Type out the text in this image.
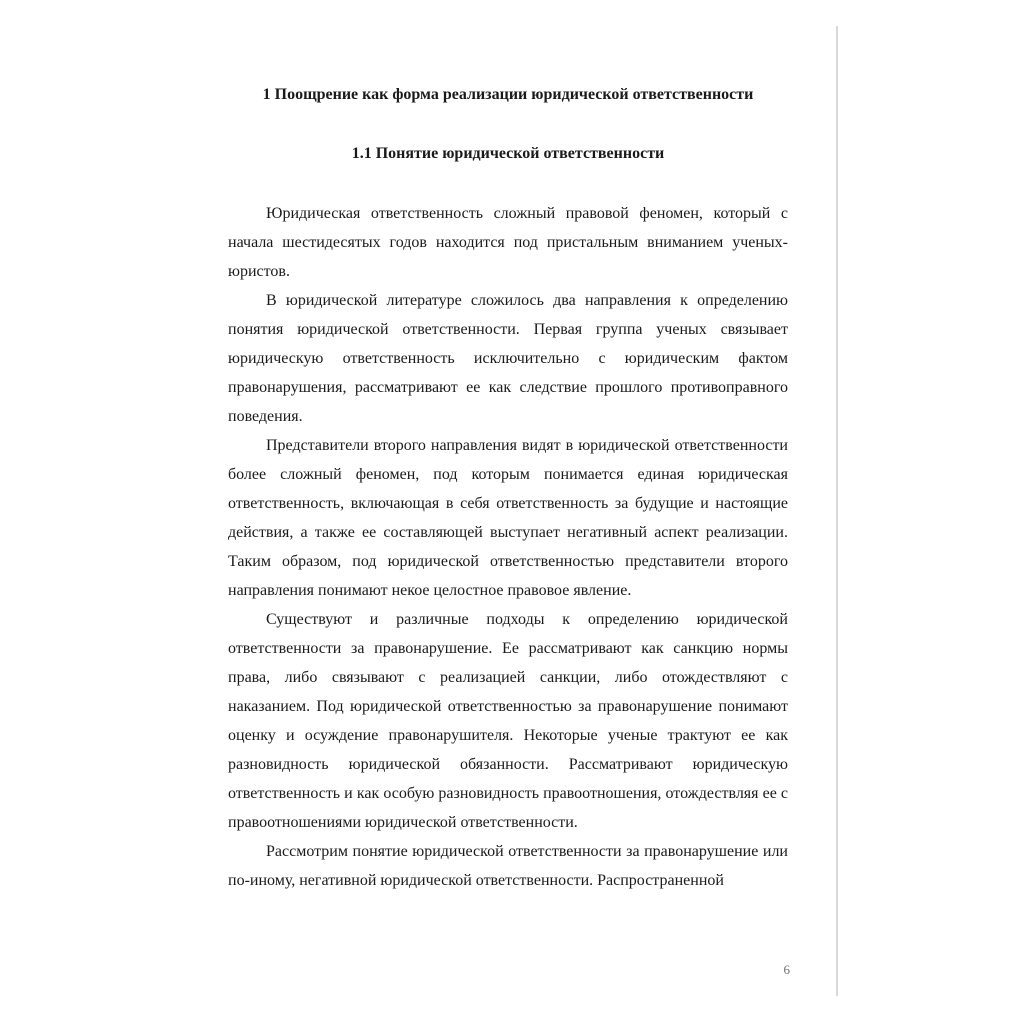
1 Поощрение как форма реализации юридической ответственности
1.1 Понятие юридической ответственности

Юридическая ответственность сложный правовой феномен, который с начала шестидесятых годов находится под пристальным вниманием ученых-юристов.

В юридической литературе сложилось два направления к определению понятия юридической ответственности. Первая группа ученых связывает юридическую ответственность исключительно с юридическим фактом правонарушения, рассматривают ее как следствие прошлого противоправного поведения.

Представители второго направления видят в юридической ответственности более сложный феномен, под которым понимается единая юридическая ответственность, включающая в себя ответственность за будущие и настоящие действия, а также ее составляющей выступает негативный аспект реализации. Таким образом, под юридической ответственностью представители второго направления понимают некое целостное правовое явление.

Существуют и различные подходы к определению юридической ответственности за правонарушение. Ее рассматривают как санкцию нормы права, либо связывают с реализацией санкции, либо отождествляют с наказанием. Под юридической ответственностью за правонарушение понимают оценку и осуждение правонарушителя. Некоторые ученые трактуют ее как разновидность юридической обязанности. Рассматривают юридическую ответственность и как особую разновидность правоотношения, отождествляя ее с правоотношениями юридической ответственности.

Рассмотрим понятие юридической ответственности за правонарушение или по-иному, негативной юридической ответственности. Распространенной

6
